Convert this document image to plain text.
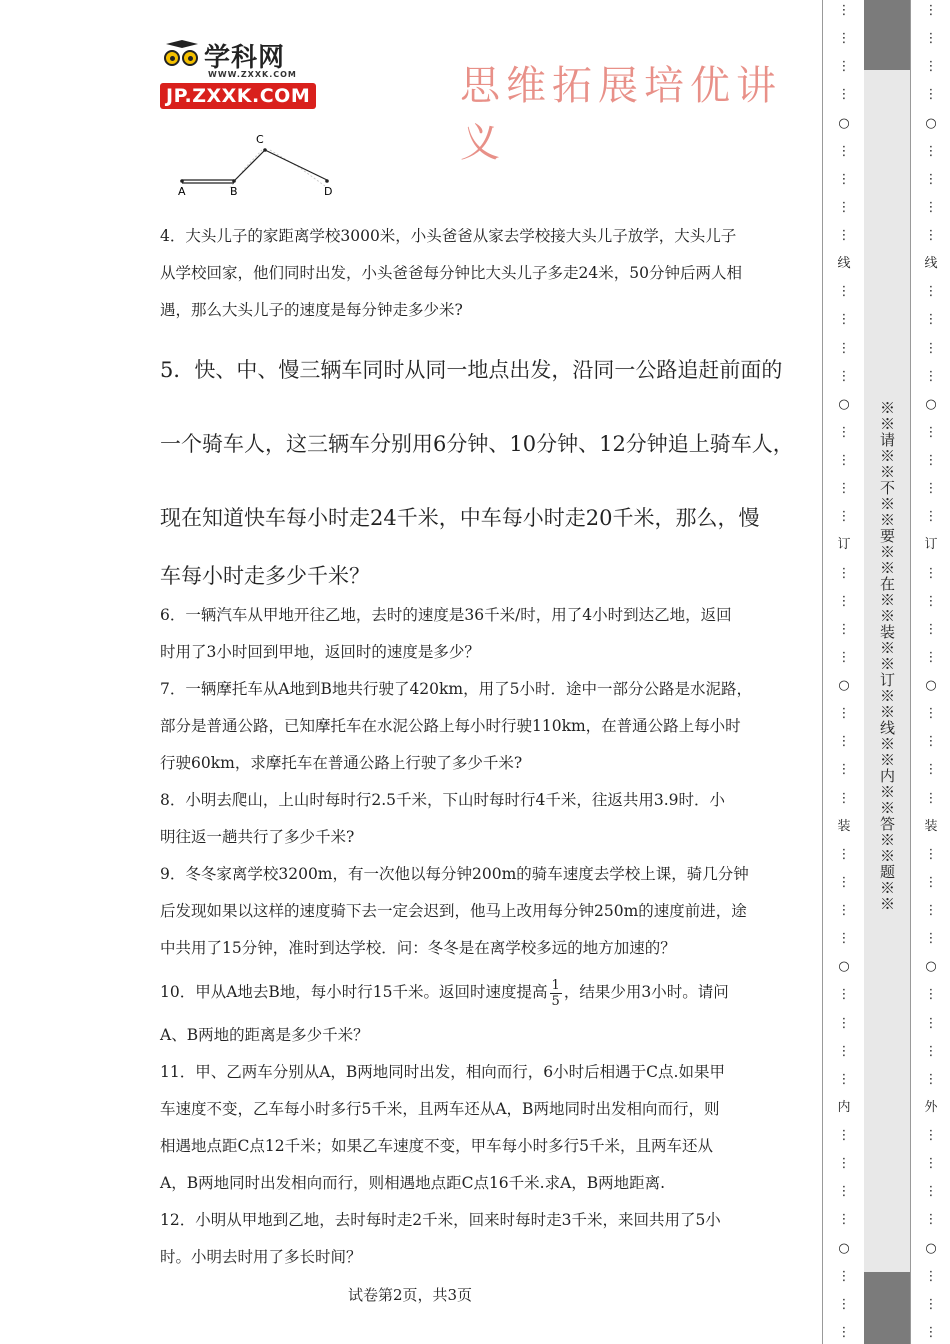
学科网
WWW.ZXXK.COM
JP.ZXXK.COM	思维拓展培优讲义
A	B
C
D

4．大头儿子的家距离学校3000米，小头爸爸从家去学校接大头儿子放学，大头儿子

从学校回家，他们同时出发，小头爸爸每分钟比大头儿子多走24米，50分钟后两人相

遇，那么大头儿子的速度是每分钟走多少米?

5．快、中、慢三辆车同时从同一地点出发，沿同一公路追赶前面的

一个骑车人，这三辆车分别用6分钟、10分钟、12分钟追上骑车人，

现在知道快车每小时走24千米，中车每小时走20千米，那么，慢

车每小时走多少千米？

6．一辆汽车从甲地开往乙地，去时的速度是36千米/时，用了4小时到达乙地，返回

时用了3小时回到甲地，返回时的速度是多少？

7．一辆摩托车从A地到B地共行驶了420km，用了5小时．途中一部分公路是水泥路，

部分是普通公路，已知摩托车在水泥公路上每小时行驶110km，在普通公路上每小时

行驶60km，求摩托车在普通公路上行驶了多少千米?

8．小明去爬山，上山时每时行2.5千米，下山时每时行4千米，往返共用3.9时．小

明往返一趟共行了多少千米?

9．冬冬家离学校3200m，有一次他以每分钟200m的骑车速度去学校上课，骑几分钟

后发现如果以这样的速度骑下去一定会迟到，他马上改用每分钟250m的速度前进，途

中共用了15分钟，准时到达学校．问：冬冬是在离学校多远的地方加速的？

10．甲从A地去B地，每小时行15千米。返回时速度提高 $\frac{1}{5}$ ，结果少用3小时。请问

A、B两地的距离是多少千米？

11．甲、乙两车分别从A，B两地同时出发，相向而行，6小时后相遇于C点.如果甲

车速度不变，乙车每小时多行5千米，且两车还从A，B两地同时出发相向而行，则

相遇地点距C点12千米；如果乙车速度不变，甲车每小时多行5千米，且两车还从

A，B两地同时出发相向而行，则相遇地点距C点16千米.求A，B两地距离.

12．小明从甲地到乙地，去时每时走2千米，回来时每时走3千米，来回共用了5小

时。小明去时用了多长时间？

试卷第2页，共3页
⋮
⋮
⋮
⋮
○
⋮
⋮
⋮
⋮
线
⋮
⋮
⋮
⋮
○
⋮
⋮
⋮
⋮
订
⋮
⋮
⋮
⋮
○
⋮
⋮
⋮
⋮
装
⋮
⋮
⋮
⋮
○
⋮
⋮
⋮
⋮
内
⋮
⋮
⋮
⋮
○
⋮
⋮
⋮
※※请※※不※※要※※在※※装※※订※※线※※内※※答※※题※※
⋮
⋮
⋮
⋮
○
⋮
⋮
⋮
⋮
线
⋮
⋮
⋮
⋮
○
⋮
⋮
⋮
⋮
订
⋮
⋮
⋮
⋮
○
⋮
⋮
⋮
⋮
装
⋮
⋮
⋮
⋮
○
⋮
⋮
⋮
⋮
外
⋮
⋮
⋮
⋮
○
⋮
⋮
⋮
